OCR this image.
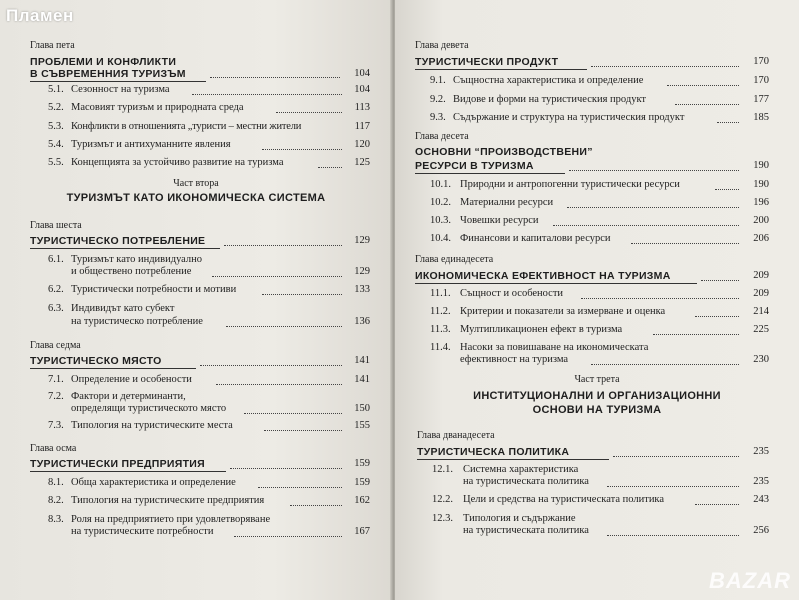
Глава пета
ПРОБЛЕМИ И КОНФЛИКТИ
В СЪВРЕМЕННИЯ ТУРИЗЪМ	104
5.1. Сезонност на туризма	104
5.2. Масовият туризъм и природната среда	113
5.3. Конфликти в отношенията „туристи – местни жители	117
5.4. Туризмът и антихуманните явления	120
5.5. Концепцията за устойчиво развитие на туризма	125
Част втора
ТУРИЗМЪТ КАТО ИКОНОМИЧЕСКА СИСТЕМА
Глава шеста
ТУРИСТИЧЕСКО ПОТРЕБЛЕНИЕ	129
6.1. Туризмът като индивидуално
и обществено потребление	129
6.2. Туристически потребности и мотиви	133
6.3. Индивидът като субект
на туристическо потребление	136
Глава седма
ТУРИСТИЧЕСКО МЯСТО	141
7.1. Определение и особености	141
7.2. Фактори и детерминанти,
определящи туристическото място	150
7.3. Типология на туристическите места	155
Глава осма
ТУРИСТИЧЕСКИ ПРЕДПРИЯТИЯ	159
8.1. Обща характеристика и определение	159
8.2. Типология на туристическите предприятия	162
8.3. Роля на предприятието при удовлетворяване
на туристическите потребности	167
Глава девета
ТУРИСТИЧЕСКИ ПРОДУКТ	170
9.1. Същностна характеристика и определение	170
9.2. Видове и форми на туристическия продукт	177
9.3. Съдържание и структура на туристическия продукт	185
Глава десета
ОСНОВНИ “ПРОИЗВОДСТВЕНИ”
РЕСУРСИ В ТУРИЗМА	190
10.1. Природни и антропогенни туристически ресурси	190
10.2. Материални ресурси	196
10.3. Човешки ресурси	200
10.4. Финансови и капиталови ресурси	206
Глава единадесета
ИКОНОМИЧЕСКА ЕФЕКТИВНОСТ НА ТУРИЗМА	209
11.1. Същност и особености	209
11.2. Критерии и показатели за измерване и оценка	214
11.3. Мултипликационен ефект в туризма	225
11.4. Насоки за повишаване на икономическата
ефективност на туризма	230
Част трета
ИНСТИТУЦИОНАЛНИ И ОРГАНИЗАЦИОННИ
ОСНОВИ НА ТУРИЗМА
Глава дванадесета
ТУРИСТИЧЕСКА ПОЛИТИКА	235
12.1. Системна характеристика
на туристическата политика	235
12.2. Цели и средства на туристическата политика	243
12.3. Типология и съдържание
на туристическата политика	256
Пламен
BAZAR
